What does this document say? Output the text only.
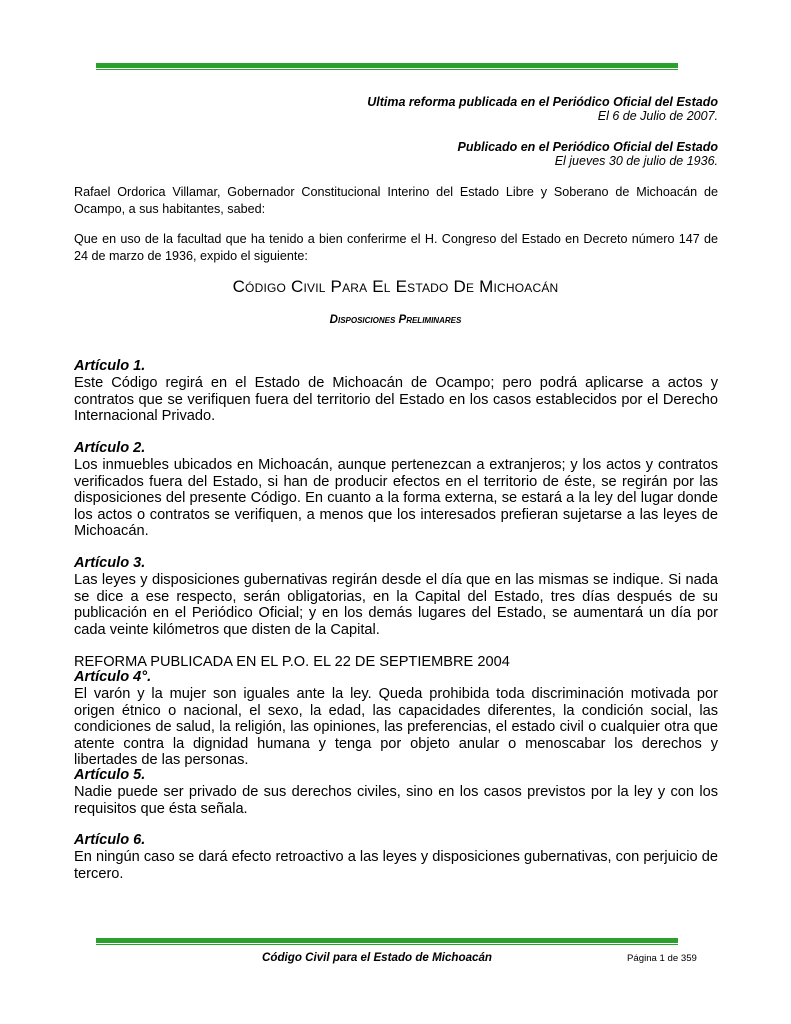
Ultima reforma publicada en el Periódico Oficial del Estado
El 6 de Julio de 2007.
Publicado en el Periódico Oficial del Estado
El jueves 30 de julio de 1936.
Rafael Ordorica Villamar, Gobernador Constitucional Interino del Estado Libre y Soberano de Michoacán de Ocampo, a sus habitantes, sabed:
Que en uso de la facultad que ha tenido a bien conferirme el H. Congreso del Estado en Decreto número 147 de 24 de marzo de 1936, expido el siguiente:
Código Civil Para El Estado De Michoacán
Disposiciones Preliminares
Artículo 1.

Este Código regirá en el Estado de Michoacán de Ocampo; pero podrá aplicarse a actos y contratos que se verifiquen fuera del territorio del Estado en los casos establecidos por el Derecho Internacional Privado.

Artículo 2.

Los inmuebles ubicados en Michoacán, aunque pertenezcan a extranjeros; y los actos y contratos verificados fuera del Estado, si han de producir efectos en el territorio de éste, se regirán por las disposiciones del presente Código. En cuanto a la forma externa, se estará a la ley del lugar donde los actos o contratos se verifiquen, a menos que los interesados prefieran sujetarse a las leyes de Michoacán.

Artículo 3.

Las leyes y disposiciones gubernativas regirán desde el día que en las mismas se indique. Si nada se dice a ese respecto, serán obligatorias, en la Capital del Estado, tres días después de su publicación en el Periódico Oficial; y en los demás lugares del Estado, se aumentará un día por cada veinte kilómetros que disten de la Capital.

REFORMA PUBLICADA EN EL P.O. EL 22 DE SEPTIEMBRE 2004
Artículo 4°.

El varón y la mujer son iguales ante la ley. Queda prohibida toda discriminación motivada por origen étnico o nacional, el sexo, la edad, las capacidades diferentes, la condición social, las condiciones de salud, la religión, las opiniones, las preferencias, el estado civil o cualquier otra que atente contra la dignidad humana y tenga por objeto anular o menoscabar los derechos y libertades de las personas.

Artículo 5.

Nadie puede ser privado de sus derechos civiles, sino en los casos previstos por la ley y con los requisitos que ésta señala.

Artículo 6.

En ningún caso se dará efecto retroactivo a las leyes y disposiciones gubernativas, con perjuicio de tercero.

Código Civil para el Estado de Michoacán	Página 1 de 359
